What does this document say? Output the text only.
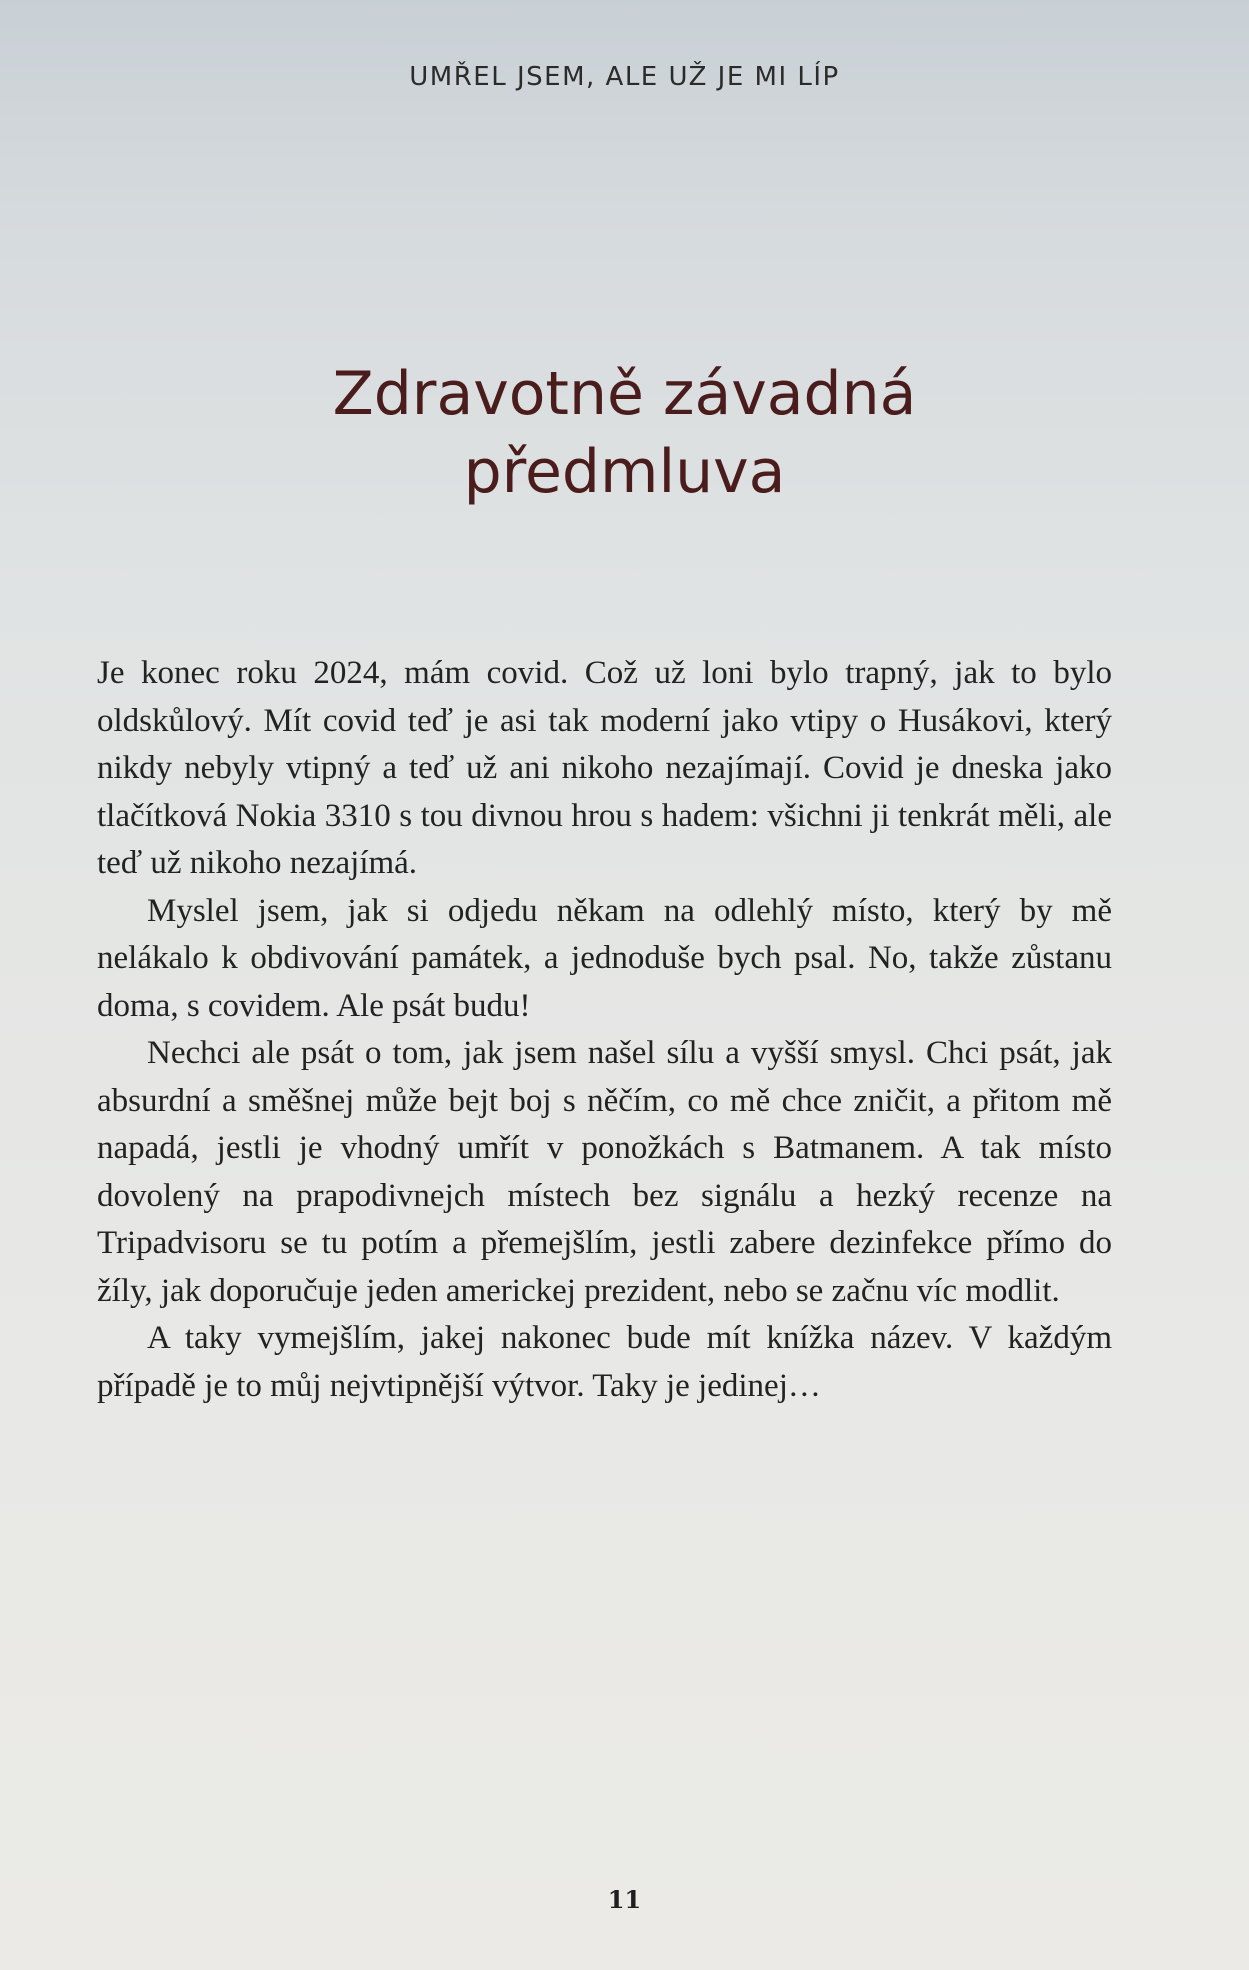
UMŘEL JSEM, ALE UŽ JE MI LÍP
Zdravotně závadná
předmluva

Je konec roku 2024, mám covid. Což už loni bylo trapný, jak to bylo oldskůlový. Mít covid teď je asi tak moderní jako vtipy o Husákovi, který nikdy nebyly vtipný a teď už ani nikoho nezajímají. Covid je dneska jako tlačítková Nokia 3310 s tou divnou hrou s hadem: všichni ji tenkrát měli, ale teď už nikoho nezajímá.

Myslel jsem, jak si odjedu někam na odlehlý místo, který by mě nelákalo k obdivování památek, a jednoduše bych psal. No, takže zůstanu doma, s covidem. Ale psát budu!

Nechci ale psát o tom, jak jsem našel sílu a vyšší smysl. Chci psát, jak absurdní a směšnej může bejt boj s něčím, co mě chce zničit, a přitom mě napadá, jestli je vhodný umřít v ponožkách s Batmanem. A tak místo dovolený na prapodivnejch místech bez signálu a hezký recenze na Tripadvisoru se tu potím a přemejšlím, jestli zabere dezinfekce přímo do žíly, jak doporučuje jeden americkej prezident, nebo se začnu víc modlit.

A taky vymejšlím, jakej nakonec bude mít knížka název. V každým případě je to můj nejvtipnější výtvor. Taky je jedinej…

11
